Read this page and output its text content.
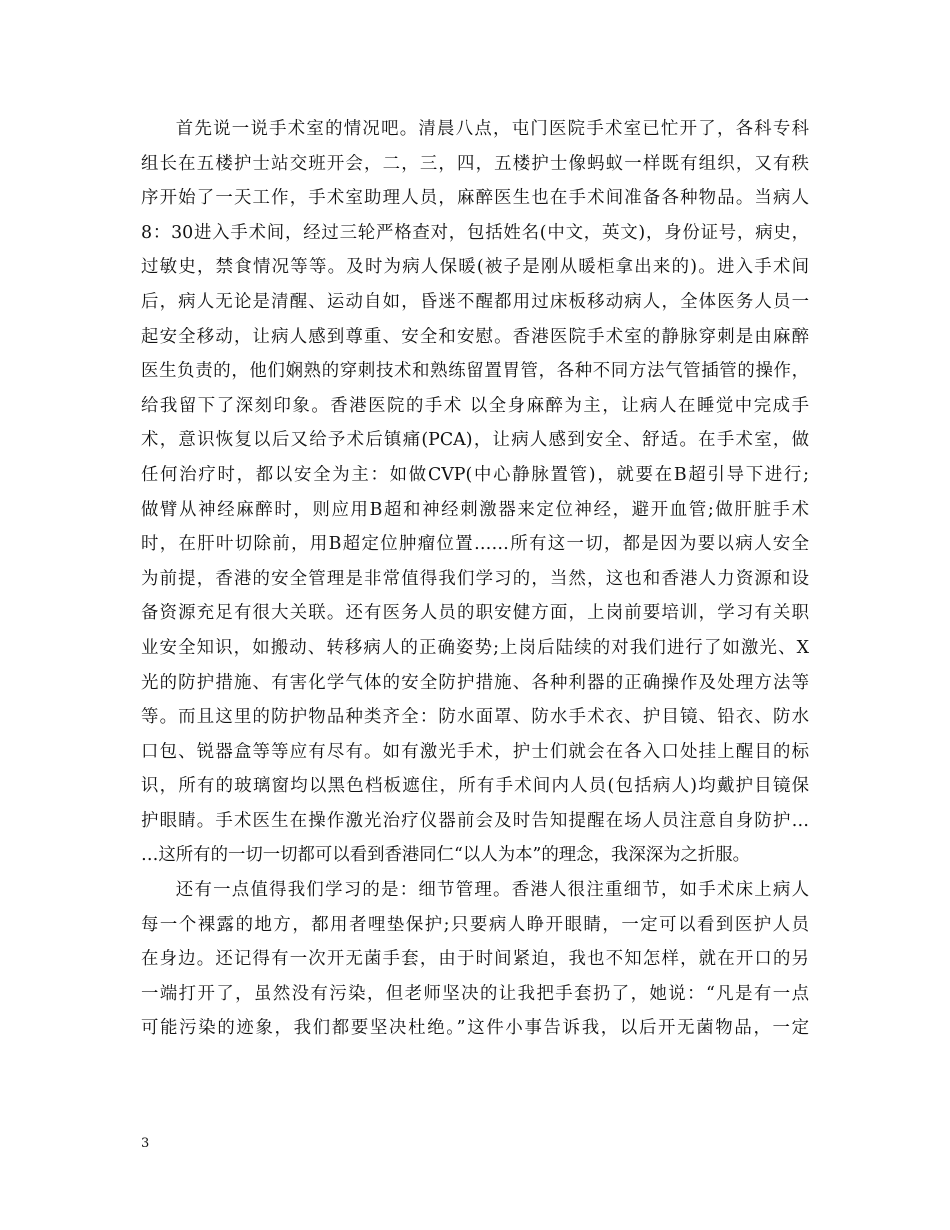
首先说一说手术室的情况吧。清晨八点，屯门医院手术室已忙开了，各科专科
组长在五楼护士站交班开会，二，三，四，五楼护士像蚂蚁一样既有组织，又有秩
序开始了一天工作，手术室助理人员，麻醉医生也在手术间准备各种物品。当病人
8：30进入手术间，经过三轮严格查对，包括姓名(中文，英文)，身份证号，病史，
过敏史，禁食情况等等。及时为病人保暖(被子是刚从暖柜拿出来的)。进入手术间
后，病人无论是清醒、运动自如，昏迷不醒都用过床板移动病人，全体医务人员一
起安全移动，让病人感到尊重、安全和安慰。香港医院手术室的静脉穿刺是由麻醉
医生负责的，他们娴熟的穿刺技术和熟练留置胃管，各种不同方法气管插管的操作，
给我留下了深刻印象。香港医院的手术 以全身麻醉为主，让病人在睡觉中完成手
术，意识恢复以后又给予术后镇痛(PCA)，让病人感到安全、舒适。在手术室，做
任何治疗时，都以安全为主：如做CVP(中心静脉置管)，就要在B超引导下进行;
做臂从神经麻醉时，则应用B超和神经刺激器来定位神经，避开血管;做肝脏手术
时，在肝叶切除前，用B超定位肿瘤位置……所有这一切，都是因为要以病人安全
为前提，香港的安全管理是非常值得我们学习的，当然，这也和香港人力资源和设
备资源充足有很大关联。还有医务人员的职安健方面，上岗前要培训，学习有关职
业安全知识，如搬动、转移病人的正确姿势;上岗后陆续的对我们进行了如激光、X
光的防护措施、有害化学气体的安全防护措施、各种利器的正确操作及处理方法等
等。而且这里的防护物品种类齐全：防水面罩、防水手术衣、护目镜、铅衣、防水
口包、锐器盒等等应有尽有。如有激光手术，护士们就会在各入口处挂上醒目的标
识，所有的玻璃窗均以黑色档板遮住，所有手术间内人员(包括病人)均戴护目镜保
护眼睛。手术医生在操作激光治疗仪器前会及时告知提醒在场人员注意自身防护…
…这所有的一切一切都可以看到香港同仁“以人为本”的理念，我深深为之折服。
还有一点值得我们学习的是：细节管理。香港人很注重细节，如手术床上病人
每一个裸露的地方，都用者哩垫保护;只要病人睁开眼睛，一定可以看到医护人员
在身边。还记得有一次开无菌手套，由于时间紧迫，我也不知怎样，就在开口的另
一端打开了，虽然没有污染，但老师坚决的让我把手套扔了，她说：“凡是有一点
可能污染的迹象，我们都要坚决杜绝。”这件小事告诉我，以后开无菌物品，一定
3
